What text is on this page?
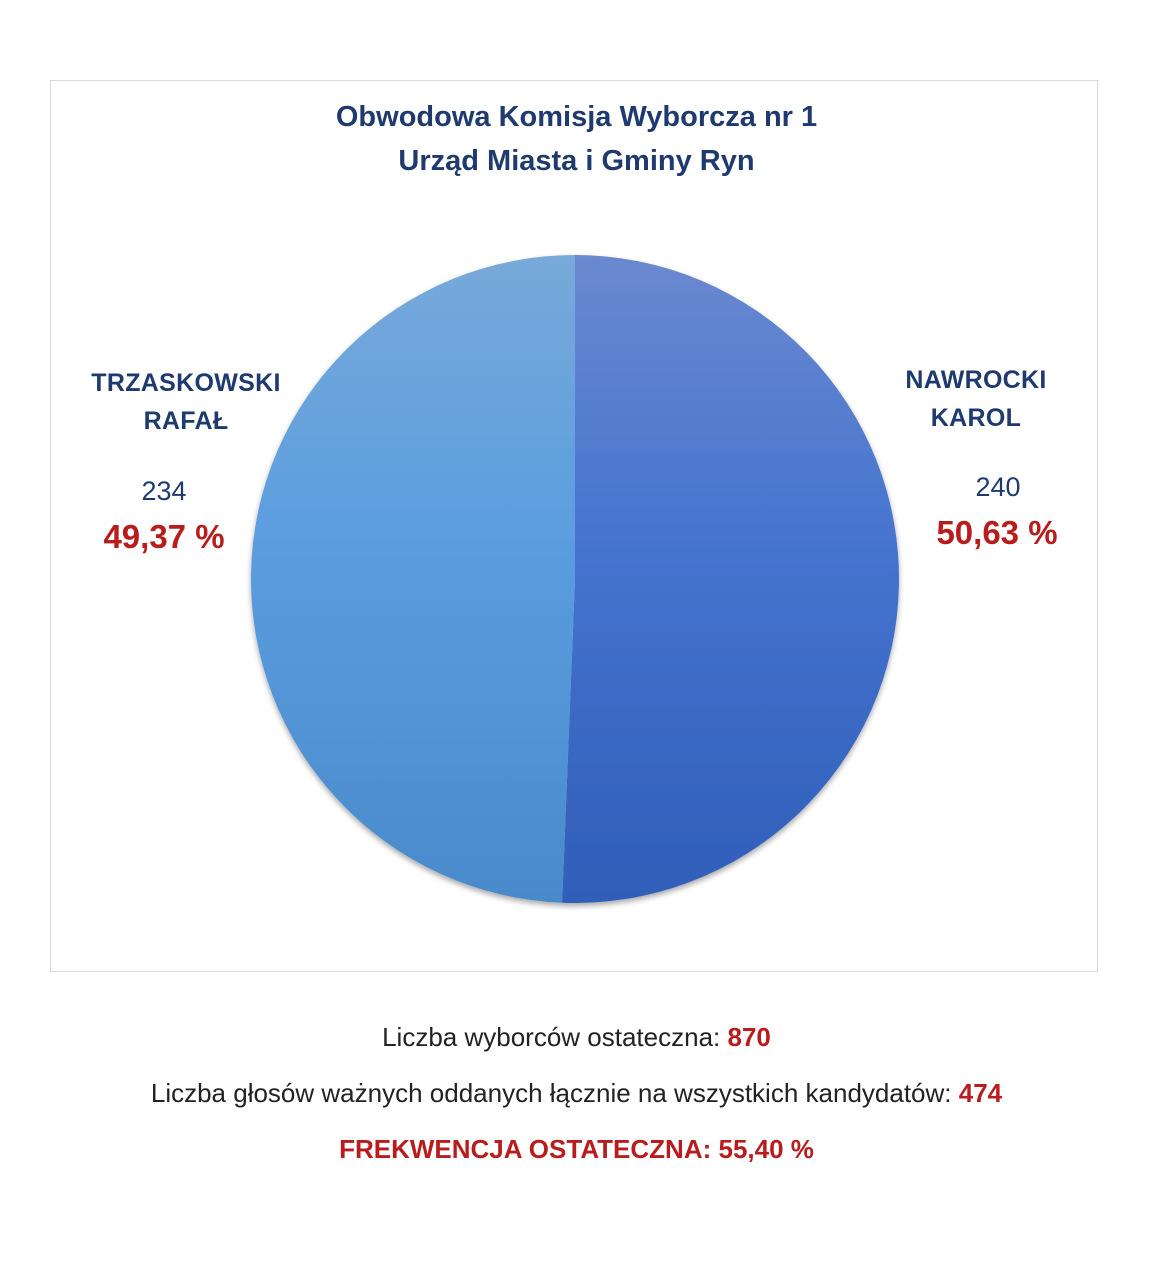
Obwodowa Komisja Wyborcza nr 1
Urząd Miasta i Gminy Ryn
NAWROCKI
KAROL
240
50,63 %
TRZASKOWSKI
RAFAŁ
234
49,37 %
Liczba wyborców ostateczna: 870
Liczba głosów ważnych oddanych łącznie na wszystkich kandydatów: 474
FREKWENCJA OSTATECZNA: 55,40 %
